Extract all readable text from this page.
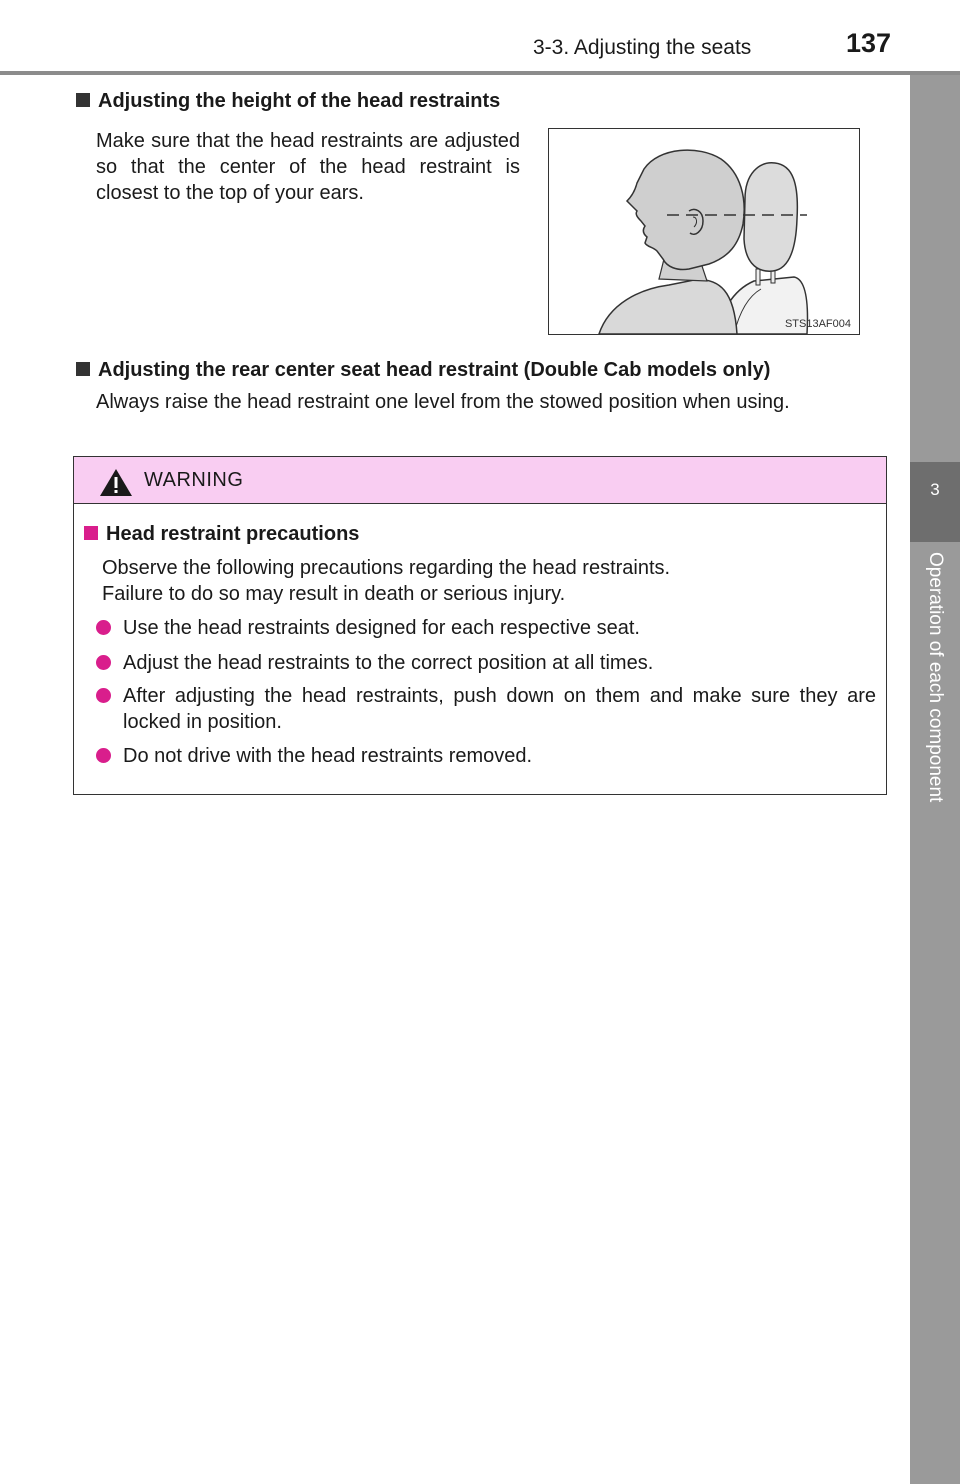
3-3. Adjusting the seats	137
3
Operation of each component
Adjusting the height of the head restraints
Make sure that the head restraints are adjusted so that the center of the head restraint is closest to the top of your ears.
STS13AF004
Adjusting the rear center seat head restraint (Double Cab models only)
Always raise the head restraint one level from the stowed position when using.
WARNING
Head restraint precautions
Observe the following precautions regarding the head restraints.
Failure to do so may result in death or serious injury.
Use the head restraints designed for each respective seat.
Adjust the head restraints to the correct position at all times.
After adjusting the head restraints, push down on them and make sure they are locked in position.
Do not drive with the head restraints removed.
